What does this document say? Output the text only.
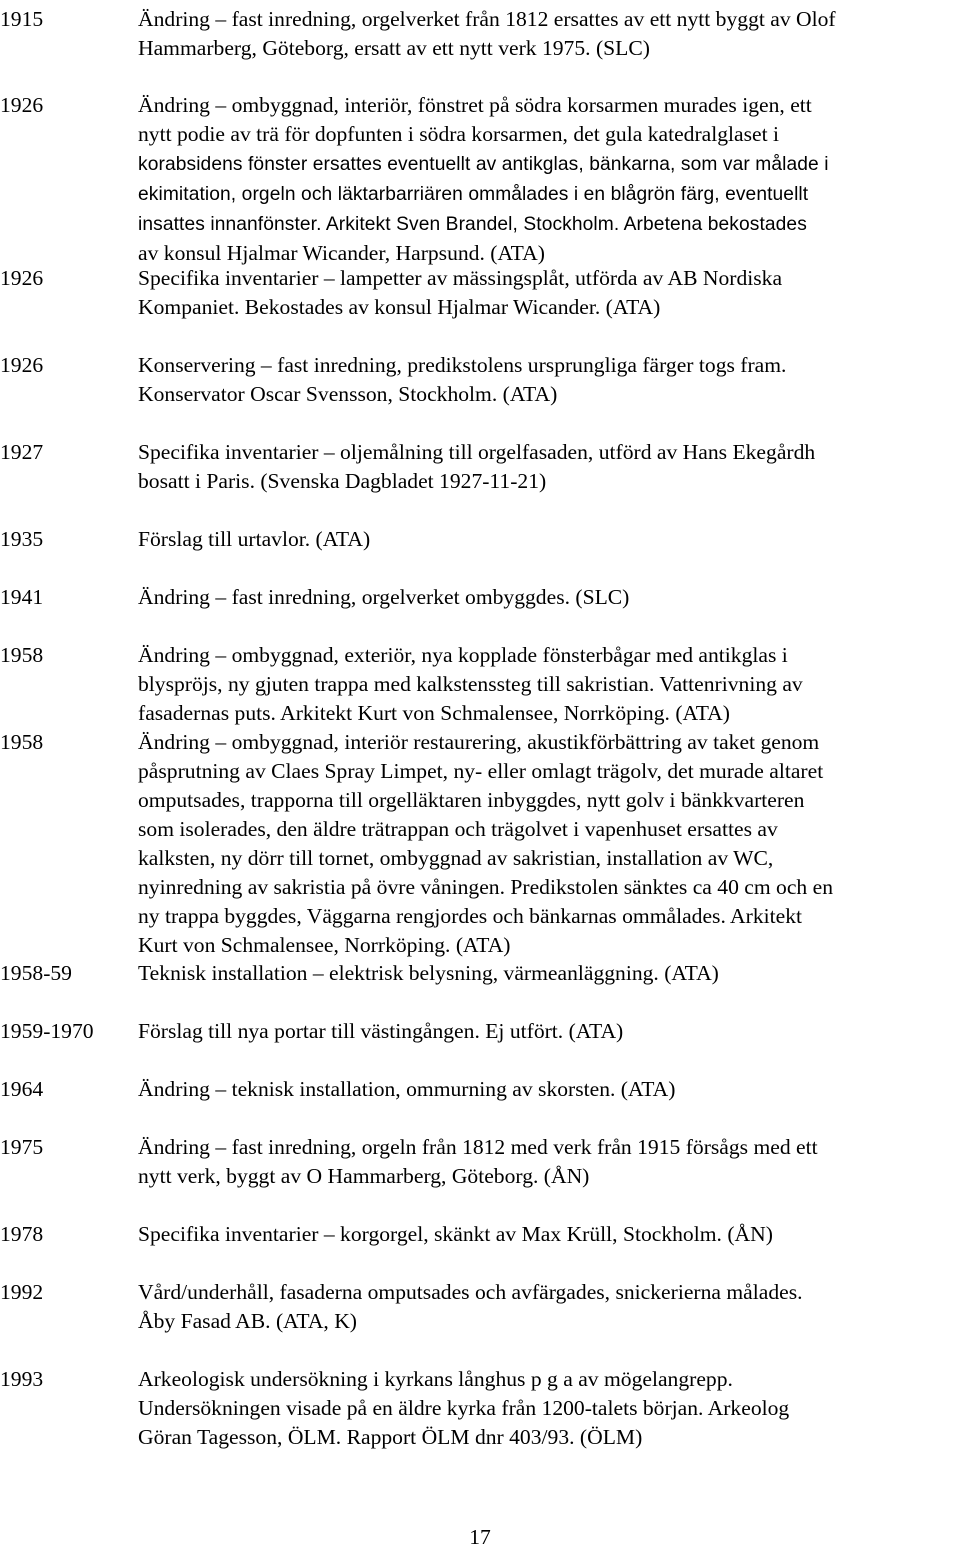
1915	Ändring – fast inredning, orgelverket från 1812 ersattes av ett nytt byggt av Olof
Hammarberg, Göteborg, ersatt av ett nytt verk 1975. (SLC)
1926	Ändring – ombyggnad, interiör, fönstret på södra korsarmen murades igen, ett
nytt podie av trä för dopfunten i södra korsarmen, det gula katedralglaset i
korabsidens fönster ersattes eventuellt av antikglas, bänkarna, som var målade i
ekimitation, orgeln och läktarbarriären ommålades i en blågrön färg, eventuellt
insattes innanfönster. Arkitekt Sven Brandel, Stockholm. Arbetena bekostades
av konsul Hjalmar Wicander, Harpsund. (ATA)
1926	Specifika inventarier – lampetter av mässingsplåt, utförda av AB Nordiska
Kompaniet. Bekostades av konsul Hjalmar Wicander. (ATA)
1926	Konservering – fast inredning, predikstolens ursprungliga färger togs fram.
Konservator Oscar Svensson, Stockholm. (ATA)
1927	Specifika inventarier – oljemålning till orgelfasaden, utförd av Hans Ekegårdh
bosatt i Paris. (Svenska Dagbladet 1927-11-21)
1935	Förslag till urtavlor. (ATA)
1941	Ändring – fast inredning, orgelverket ombyggdes. (SLC)
1958	Ändring – ombyggnad, exteriör, nya kopplade fönsterbågar med antikglas i
blyspröjs, ny gjuten trappa med kalkstenssteg till sakristian. Vattenrivning av
fasadernas puts. Arkitekt Kurt von Schmalensee, Norrköping. (ATA)
1958	Ändring – ombyggnad, interiör restaurering, akustikförbättring av taket genom
påsprutning av Claes Spray Limpet, ny- eller omlagt trägolv, det murade altaret
omputsades, trapporna till orgelläktaren inbyggdes, nytt golv i bänkkvarteren
som isolerades, den äldre trätrappan och trägolvet i vapenhuset ersattes av
kalksten, ny dörr till tornet, ombyggnad av sakristian, installation av WC,
nyinredning av sakristia på övre våningen. Predikstolen sänktes ca 40 cm och en
ny trappa byggdes, Väggarna rengjordes och bänkarnas ommålades. Arkitekt
Kurt von Schmalensee, Norrköping. (ATA)
1958-59	Teknisk installation – elektrisk belysning, värmeanläggning. (ATA)
1959-1970 Förslag till nya portar till västingången. Ej utfört. (ATA)
1964	Ändring – teknisk installation, ommurning av skorsten. (ATA)
1975	Ändring – fast inredning, orgeln från 1812 med verk från 1915 försågs med ett
nytt verk, byggt av O Hammarberg, Göteborg. (ÅN)
1978	Specifika inventarier – korgorgel, skänkt av Max Krüll, Stockholm. (ÅN)
1992	Vård/underhåll, fasaderna omputsades och avfärgades, snickerierna målades.
Åby Fasad AB. (ATA, K)
1993	Arkeologisk undersökning i kyrkans långhus p g a av mögelangrepp.
Undersökningen visade på en äldre kyrka från 1200-talets början. Arkeolog
Göran Tagesson, ÖLM. Rapport ÖLM dnr 403/93. (ÖLM)
17
